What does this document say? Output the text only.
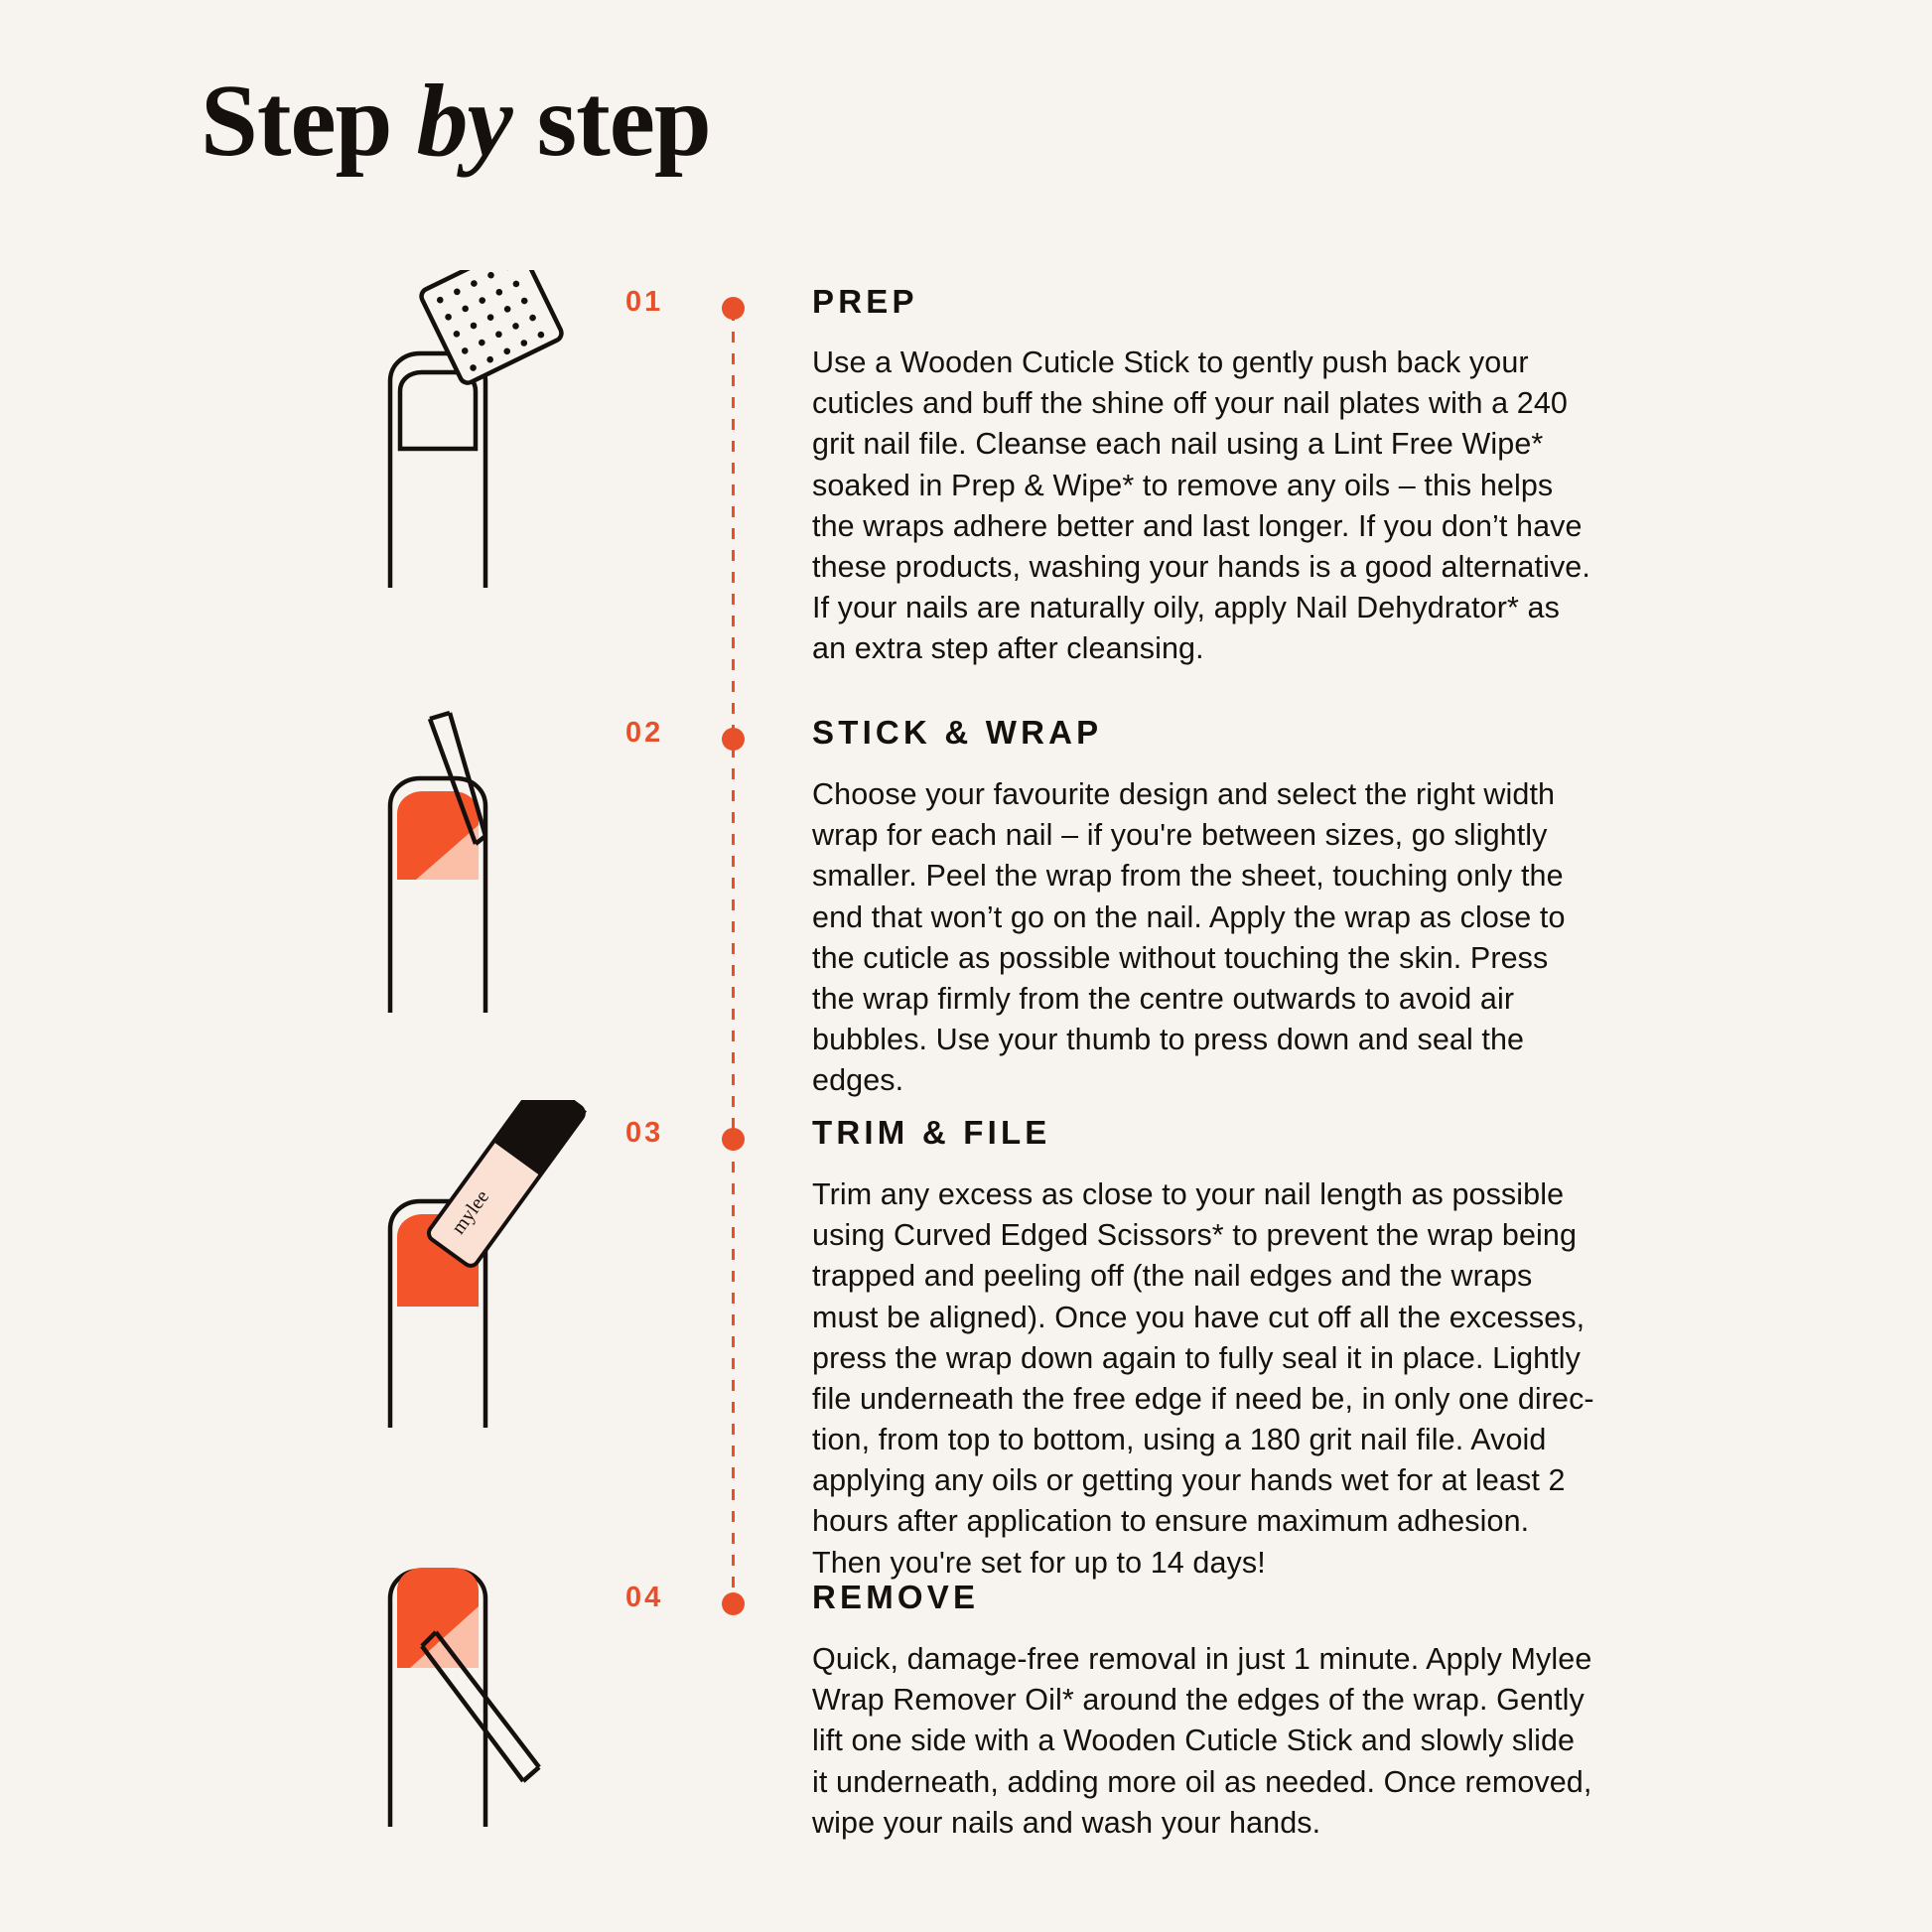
Step by step
01	PREP
Use a Wooden Cuticle Stick to gently push back your cuticles and buff the shine off your nail plates with a 240 grit nail file. Cleanse each nail using a Lint Free Wipe* soaked in Prep & Wipe* to remove any oils – this helps the wraps adhere better and last longer. If you don’t have these products, washing your hands is a good alternative. If your nails are naturally oily, apply Nail Dehydrator* as an extra step after cleansing.
02	STICK & WRAP
Choose your favourite design and select the right width wrap for each nail – if you're between sizes, go slightly smaller. Peel the wrap from the sheet, touching only the end that won’t go on the nail. Apply the wrap as close to the cuticle as possible without touching the skin. Press the wrap firmly from the centre outwards to avoid air bubbles. Use your thumb to press down and seal the edges.
03	TRIM & FILE
Trim any excess as close to your nail length as possible using Curved Edged Scissors* to prevent the wrap being trapped and peeling off (the nail edges and the wraps must be aligned). Once you have cut off all the excesses, press the wrap down again to fully seal it in place. Lightly file underneath the free edge if need be, in only one direc-tion, from top to bottom, using a 180 grit nail file. Avoid applying any oils or getting your hands wet for at least 2 hours after application to ensure maximum adhesion. Then you're set for up to 14 days!
mylee
04	REMOVE
Quick, damage-free removal in just 1 minute. Apply Mylee Wrap Remover Oil* around the edges of the wrap. Gently lift one side with a Wooden Cuticle Stick and slowly slide it underneath, adding more oil as needed. Once removed, wipe your nails and wash your hands.
